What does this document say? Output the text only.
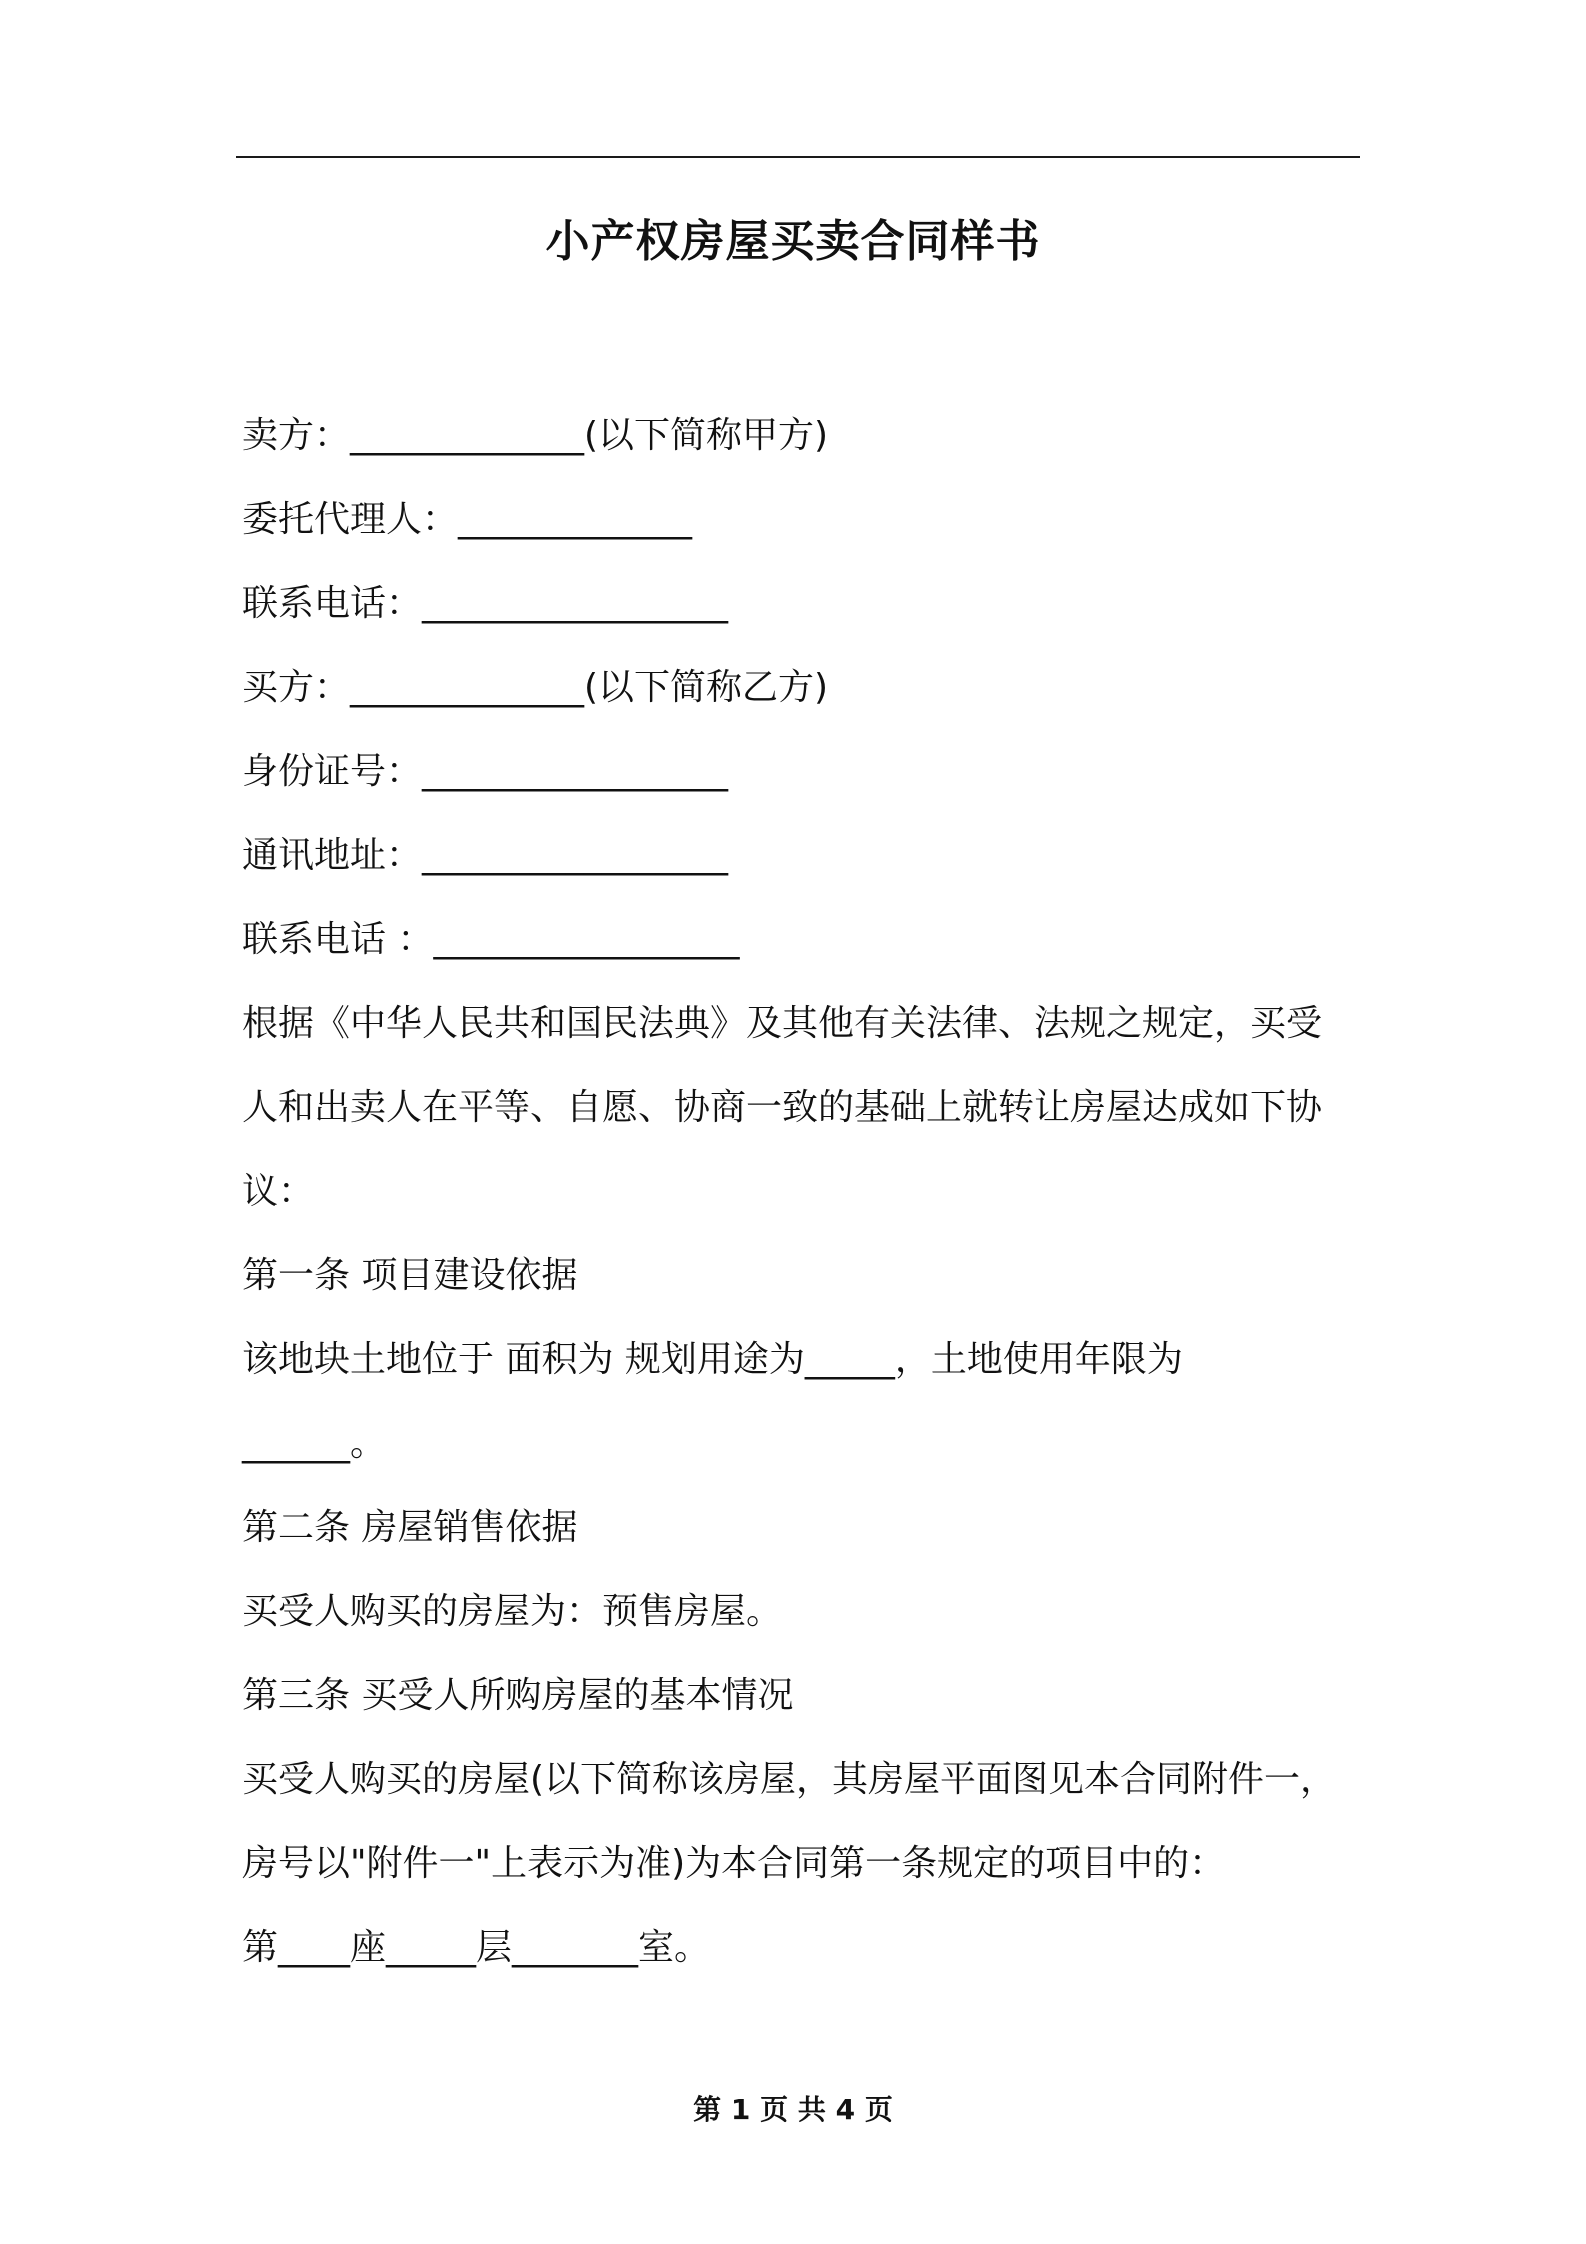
小产权房屋买卖合同样书
卖方：_____________(以下简称甲方)
委托代理人：_____________
联系电话：_________________
买方：_____________(以下简称乙方)
身份证号：_________________
通讯地址：_________________
联系电话 ：_________________
根据《中华人民共和国民法典》及其他有关法律、法规之规定，买受
人和出卖人在平等、自愿、协商一致的基础上就转让房屋达成如下协
议：
第一条 项目建设依据
该地块土地位于 面积为 规划用途为_____，土地使用年限为
______。
第二条 房屋销售依据
买受人购买的房屋为：预售房屋。
第三条 买受人所购房屋的基本情况
买受人购买的房屋(以下简称该房屋，其房屋平面图见本合同附件一，
房号以"附件一"上表示为准)为本合同第一条规定的项目中的：
第____座_____层_______室。
第 1 页 共 4 页
